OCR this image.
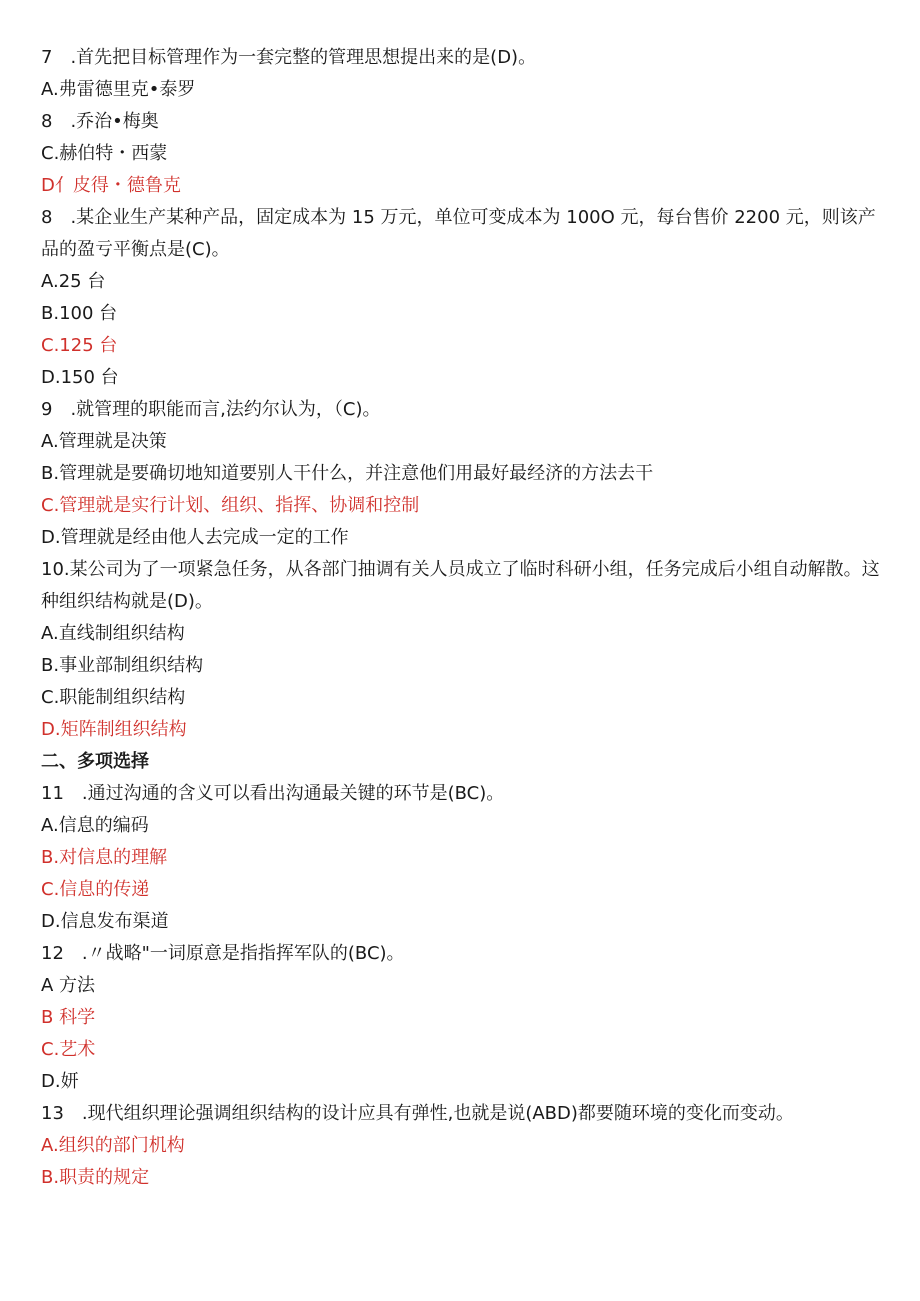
7　.首先把目标管理作为一套完整的管理思想提出来的是(D)。
A.弗雷德里克•泰罗
8　.乔治•梅奥
C.赫伯特・西蒙
D亻皮得・德鲁克
8　.某企业生产某种产品，固定成本为 15 万元，单位可变成本为 100O 元，每台售价 2200 元，则该产品的盈亏平衡点是(C)。
A.25 台
B.100 台
C.125 台
D.150 台
9　.就管理的职能而言,法约尔认为，（C)。
A.管理就是决策
B.管理就是要确切地知道要别人干什么，并注意他们用最好最经济的方法去干
C.管理就是实行计划、组织、指挥、协调和控制
D.管理就是经由他人去完成一定的工作
10.某公司为了一项紧急任务，从各部门抽调有关人员成立了临时科研小组，任务完成后小组自动解散。这种组织结构就是(D)。
A.直线制组织结构
B.事业部制组织结构
C.职能制组织结构
D.矩阵制组织结构
二、多项选择
11　.通过沟通的含义可以看出沟通最关键的环节是(BC)。
A.信息的编码
B.对信息的理解
C.信息的传递
D.信息发布渠道
12　.〃战略"一词原意是指指挥军队的(BC)。
A 方法
B 科学
C.艺术
D.妍
13　.现代组织理论强调组织结构的设计应具有弹性,也就是说(ABD)都要随环境的变化而变动。
A.组织的部门机构
B.职责的规定
